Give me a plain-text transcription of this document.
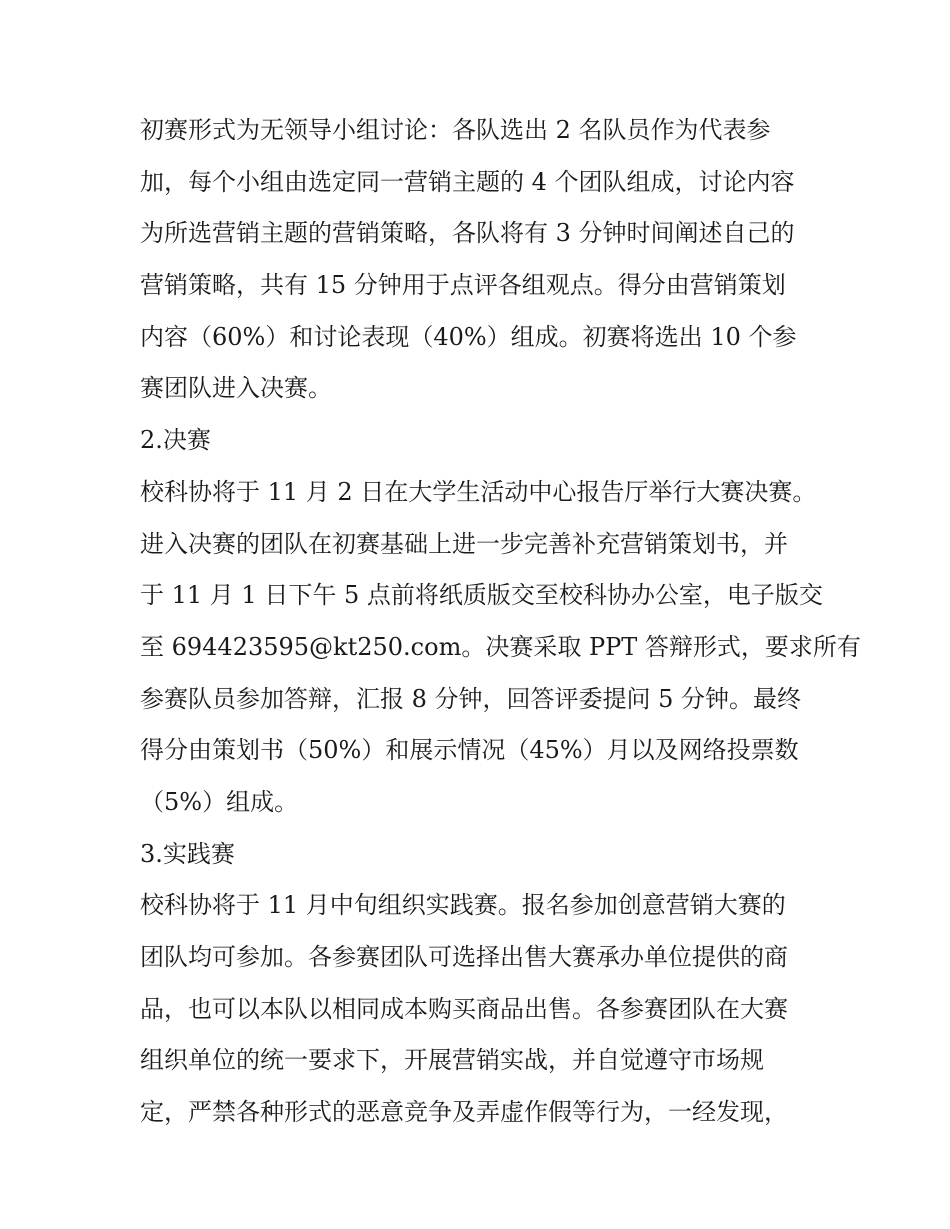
初赛形式为无领导小组讨论：各队选出 2 名队员作为代表参
加，每个小组由选定同一营销主题的 4 个团队组成，讨论内容
为所选营销主题的营销策略，各队将有 3 分钟时间阐述自己的
营销策略，共有 15 分钟用于点评各组观点。得分由营销策划
内容（60%）和讨论表现（40%）组成。初赛将选出 10 个参
赛团队进入决赛。
2.决赛
校科协将于 11 月 2 日在大学生活动中心报告厅举行大赛决赛。
进入决赛的团队在初赛基础上进一步完善补充营销策划书，并
于 11 月 1 日下午 5 点前将纸质版交至校科协办公室，电子版交
至 694423595@kt250.com。决赛采取 PPT 答辩形式，要求所有
参赛队员参加答辩，汇报 8 分钟，回答评委提问 5 分钟。最终
得分由策划书（50%）和展示情况（45%）月以及网络投票数
（5%）组成。
3.实践赛
校科协将于 11 月中旬组织实践赛。报名参加创意营销大赛的
团队均可参加。各参赛团队可选择出售大赛承办单位提供的商
品，也可以本队以相同成本购买商品出售。各参赛团队在大赛
组织单位的统一要求下，开展营销实战，并自觉遵守市场规
定，严禁各种形式的恶意竞争及弄虚作假等行为，一经发现，
